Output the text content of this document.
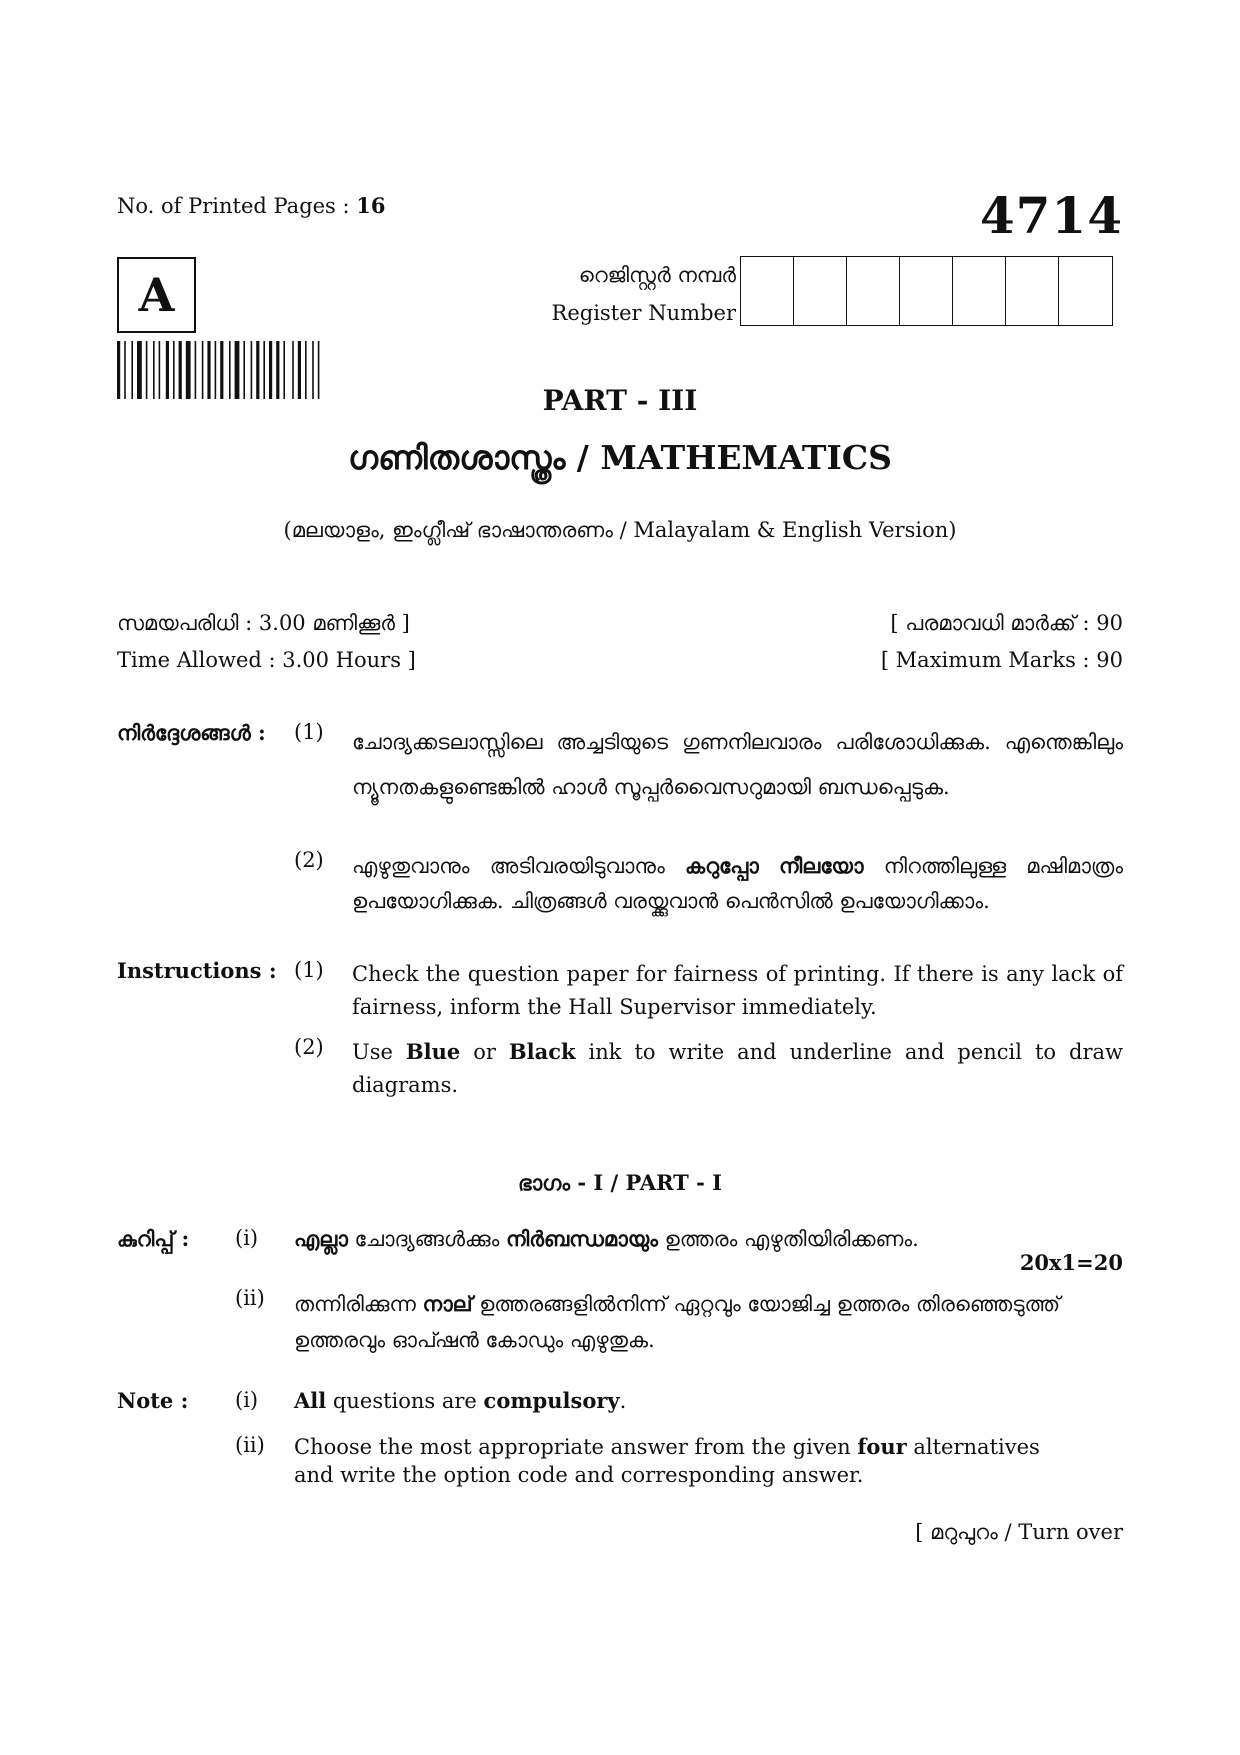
No. of Printed Pages : 16	4714
A	റെജിസ്റ്റർ നമ്പർ
Register Number
PART - III
ഗണിതശാസ്ത്രം / MATHEMATICS
(മലയാളം, ഇംഗ്ലീഷ് ഭാഷാന്തരണം / Malayalam & English Version)
സമയപരിധി : 3.00 മണിക്കൂർ ]
Time Allowed : 3.00 Hours ]
[ പരമാവധി മാർക്ക് : 90
[ Maximum Marks : 90
നിർദ്ദേശങ്ങൾ : (1) ചോദ്യക്കടലാസ്സിലെ അച്ചടിയുടെ ഗുണനിലവാരം പരിശോധിക്കുക. എന്തെങ്കിലും ന്യൂനതകളുണ്ടെങ്കിൽ ഹാൾ സൂപ്പർവൈസറുമായി ബന്ധപ്പെടുക.
(2) എഴുതുവാനും അടിവരയിടുവാനും കറുപ്പോ നീലയോ നിറത്തിലുള്ള മഷിമാത്രം ഉപയോഗിക്കുക. ചിത്രങ്ങൾ വരയ്ക്കുവാൻ പെൻസിൽ ഉപയോഗിക്കാം.
Instructions : (1) Check the question paper for fairness of printing. If there is any lack of fairness, inform the Hall Supervisor immediately.
(2) Use Blue or Black ink to write and underline and pencil to draw diagrams.
ഭാഗം - I / PART - I
കുറിപ്പ് : (i) എല്ലാ ചോദ്യങ്ങൾക്കും നിർബന്ധമായും ഉത്തരം എഴുതിയിരിക്കണം.
20x1=20
(ii) തന്നിരിക്കുന്ന നാല് ഉത്തരങ്ങളിൽനിന്ന് ഏറ്റവും യോജിച്ച ഉത്തരം തിരഞ്ഞെടുത്ത് ഉത്തരവും ഓപ്ഷൻ കോഡും എഴുതുക.
Note : (i) All questions are compulsory.
(ii) Choose the most appropriate answer from the given four alternatives and write the option code and corresponding answer.
[ മറുപുറം / Turn over
